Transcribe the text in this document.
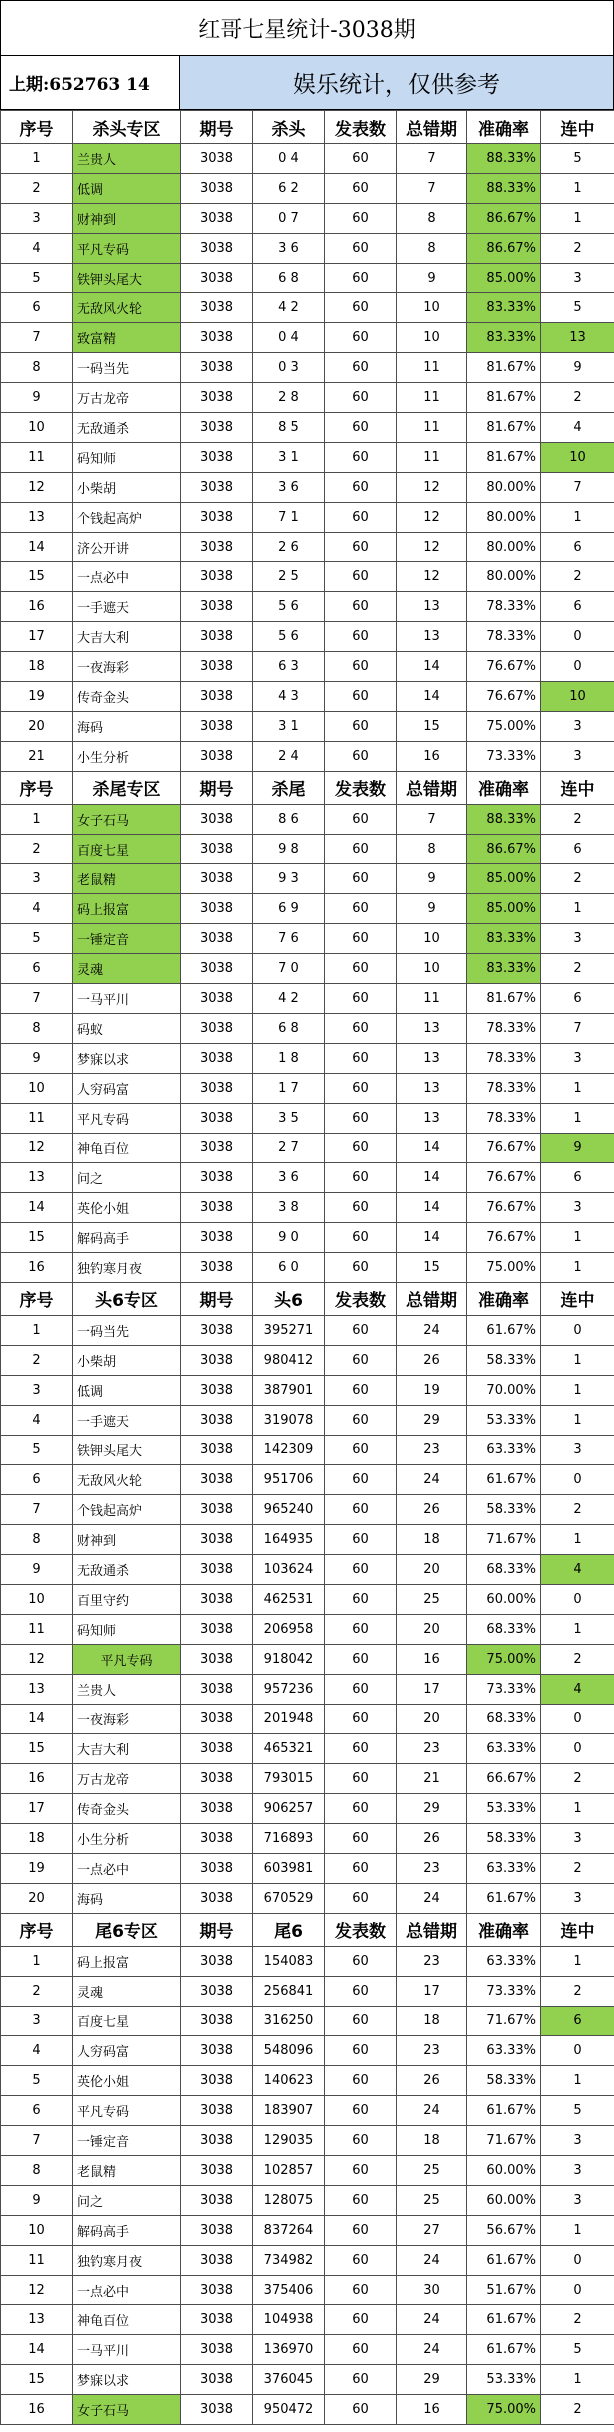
红哥七星统计-3038期
上期:652763 14	娱乐统计，仅供参考
序号	杀头专区	期号	杀头	发表数	总错期	准确率	连中
1	兰贵人	3038	0 4	60	7	88.33%	5
2	低调	3038	6 2	60	7	88.33%	1
3	财神到	3038	0 7	60	8	86.67%	1
4	平凡专码	3038	3 6	60	8	86.67%	2
5	铁钾头尾大	3038	6 8	60	9	85.00%	3
6	无敌风火轮	3038	4 2	60	10	83.33%	5
7	致富精	3038	0 4	60	10	83.33%	13
8	一码当先	3038	0 3	60	11	81.67%	9
9	万古龙帝	3038	2 8	60	11	81.67%	2
10	无敌通杀	3038	8 5	60	11	81.67%	4
11	码知师	3038	3 1	60	11	81.67%	10
12	小柴胡	3038	3 6	60	12	80.00%	7
13	个钱起高炉	3038	7 1	60	12	80.00%	1
14	济公开讲	3038	2 6	60	12	80.00%	6
15	一点必中	3038	2 5	60	12	80.00%	2
16	一手遮天	3038	5 6	60	13	78.33%	6
17	大吉大利	3038	5 6	60	13	78.33%	0
18	一夜海彩	3038	6 3	60	14	76.67%	0
19	传奇金头	3038	4 3	60	14	76.67%	10
20	海码	3038	3 1	60	15	75.00%	3
21	小生分析	3038	2 4	60	16	73.33%	3
序号	杀尾专区	期号	杀尾	发表数	总错期	准确率	连中
1	女子石马	3038	8 6	60	7	88.33%	2
2	百度七星	3038	9 8	60	8	86.67%	6
3	老鼠精	3038	9 3	60	9	85.00%	2
4	码上报富	3038	6 9	60	9	85.00%	1
5	一锤定音	3038	7 6	60	10	83.33%	3
6	灵魂	3038	7 0	60	10	83.33%	2
7	一马平川	3038	4 2	60	11	81.67%	6
8	码蚁	3038	6 8	60	13	78.33%	7
9	梦寐以求	3038	1 8	60	13	78.33%	3
10	人穷码富	3038	1 7	60	13	78.33%	1
11	平凡专码	3038	3 5	60	13	78.33%	1
12	神龟百位	3038	2 7	60	14	76.67%	9
13	问之	3038	3 6	60	14	76.67%	6
14	英伦小姐	3038	3 8	60	14	76.67%	3
15	解码高手	3038	9 0	60	14	76.67%	1
16	独钓寒月夜	3038	6 0	60	15	75.00%	1
序号	头6专区	期号	头6	发表数	总错期	准确率	连中
1	一码当先	3038	395271	60	24	61.67%	0
2	小柴胡	3038	980412	60	26	58.33%	1
3	低调	3038	387901	60	19	70.00%	1
4	一手遮天	3038	319078	60	29	53.33%	1
5	铁钾头尾大	3038	142309	60	23	63.33%	3
6	无敌风火轮	3038	951706	60	24	61.67%	0
7	个钱起高炉	3038	965240	60	26	58.33%	2
8	财神到	3038	164935	60	18	71.67%	1
9	无敌通杀	3038	103624	60	20	68.33%	4
10	百里守约	3038	462531	60	25	60.00%	0
11	码知师	3038	206958	60	20	68.33%	1
12	平凡专码	3038	918042	60	16	75.00%	2
13	兰贵人	3038	957236	60	17	73.33%	4
14	一夜海彩	3038	201948	60	20	68.33%	0
15	大吉大利	3038	465321	60	23	63.33%	0
16	万古龙帝	3038	793015	60	21	66.67%	2
17	传奇金头	3038	906257	60	29	53.33%	1
18	小生分析	3038	716893	60	26	58.33%	3
19	一点必中	3038	603981	60	23	63.33%	2
20	海码	3038	670529	60	24	61.67%	3
序号	尾6专区	期号	尾6	发表数	总错期	准确率	连中
1	码上报富	3038	154083	60	23	63.33%	1
2	灵魂	3038	256841	60	17	73.33%	2
3	百度七星	3038	316250	60	18	71.67%	6
4	人穷码富	3038	548096	60	23	63.33%	0
5	英伦小姐	3038	140623	60	26	58.33%	1
6	平凡专码	3038	183907	60	24	61.67%	5
7	一锤定音	3038	129035	60	18	71.67%	3
8	老鼠精	3038	102857	60	25	60.00%	3
9	问之	3038	128075	60	25	60.00%	3
10	解码高手	3038	837264	60	27	56.67%	1
11	独钓寒月夜	3038	734982	60	24	61.67%	0
12	一点必中	3038	375406	60	30	51.67%	0
13	神龟百位	3038	104938	60	24	61.67%	2
14	一马平川	3038	136970	60	24	61.67%	5
15	梦寐以求	3038	376045	60	29	53.33%	1
16	女子石马	3038	950472	60	16	75.00%	2
